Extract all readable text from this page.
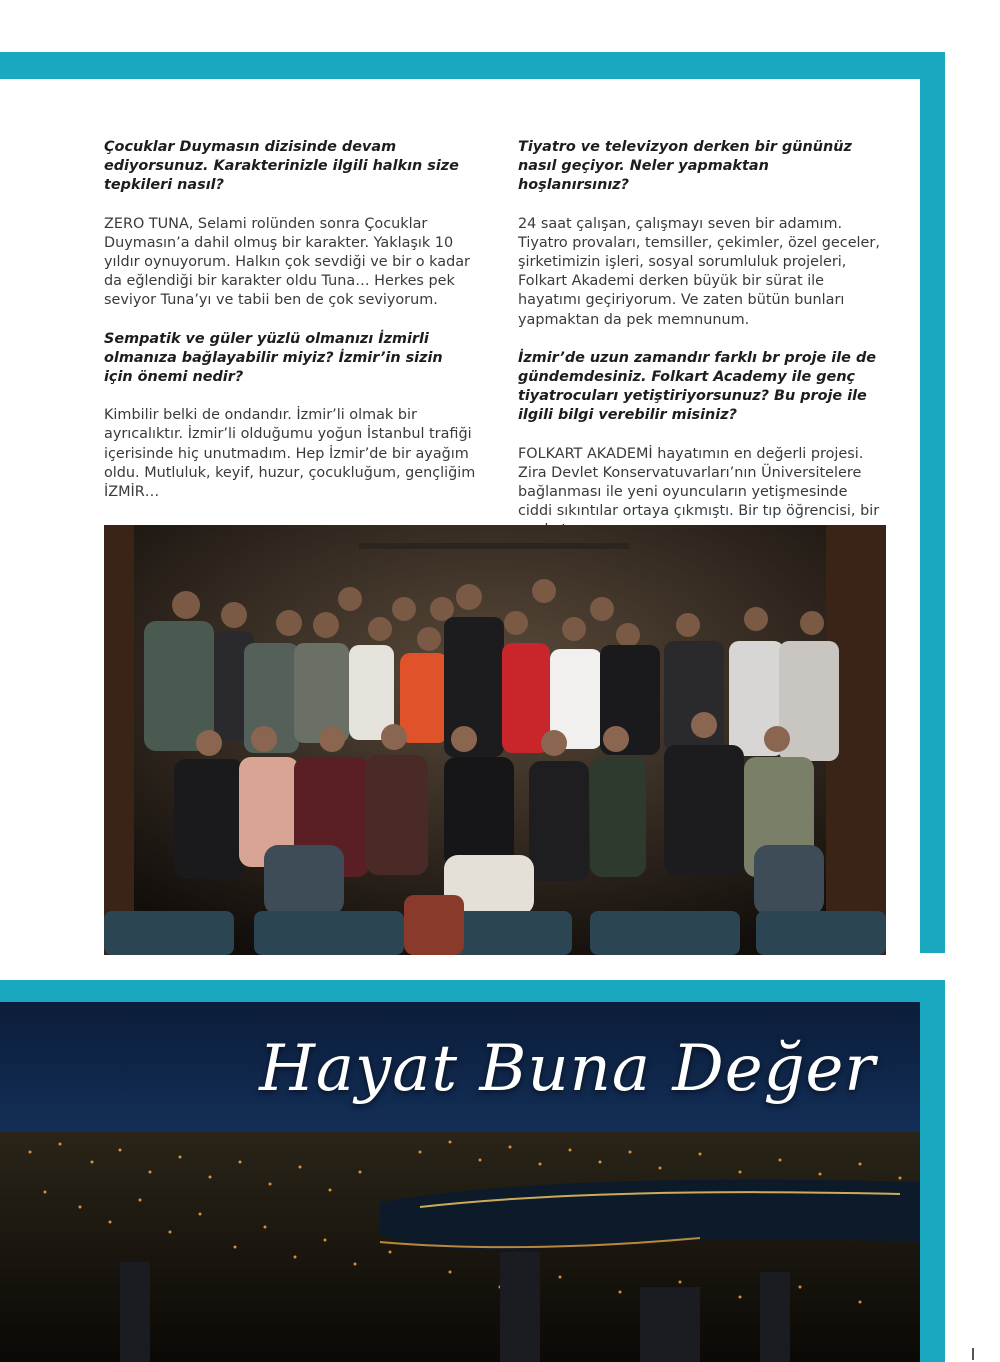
Çocuklar Duymasın dizisinde devam ediyorsunuz. Karakterinizle ilgili halkın size tepkileri nasıl?

ZERO TUNA, Selami rolünden sonra Çocuklar Duymasın’a dahil olmuş bir karakter. Yaklaşık 10 yıldır oynuyorum. Halkın çok sevdiği ve bir o kadar da eğlendiği bir karakter oldu Tuna… Herkes pek seviyor Tuna’yı ve tabii ben de çok seviyorum.

Sempatik ve güler yüzlü olmanızı İzmirli olmanıza bağlayabilir miyiz? İzmir’in sizin için önemi nedir?

Kimbilir belki de ondandır. İzmir’li olmak bir ayrıcalıktır. İzmir’li olduğumu yoğun İstanbul trafiği içerisinde hiç unutmadım. Hep İzmir’de bir ayağım oldu. Mutluluk, keyif, huzur, çocukluğum, gençliğim İZMİR…

Tiyatro ve televizyon derken bir gününüz nasıl geçiyor. Neler yapmaktan hoşlanırsınız?

24 saat çalışan, çalışmayı seven bir adamım. Tiyatro provaları, temsiller, çekimler, özel geceler, şirketimizin işleri, sosyal sorumluluk projeleri, Folkart Akademi derken büyük bir sürat ile hayatımı geçiriyorum. Ve zaten bütün bunları yapmaktan da pek memnunum.

İzmir’de uzun zamandır farklı br proje ile de gündemdesiniz. Folkart Academy ile genç tiyatrocuları yetiştiriyorsunuz? Bu proje ile ilgili bilgi verebilir misiniz?

FOLKART AKADEMİ hayatımın en değerli projesi. Zira Devlet Konservatuvarları’nın Üniversitelere bağlanması ile yeni oyuncuların yetişmesinde ciddi sıkıntılar ortaya çıkmıştı. Bir tıp öğrencisi, bir

Hayat Buna Değer
